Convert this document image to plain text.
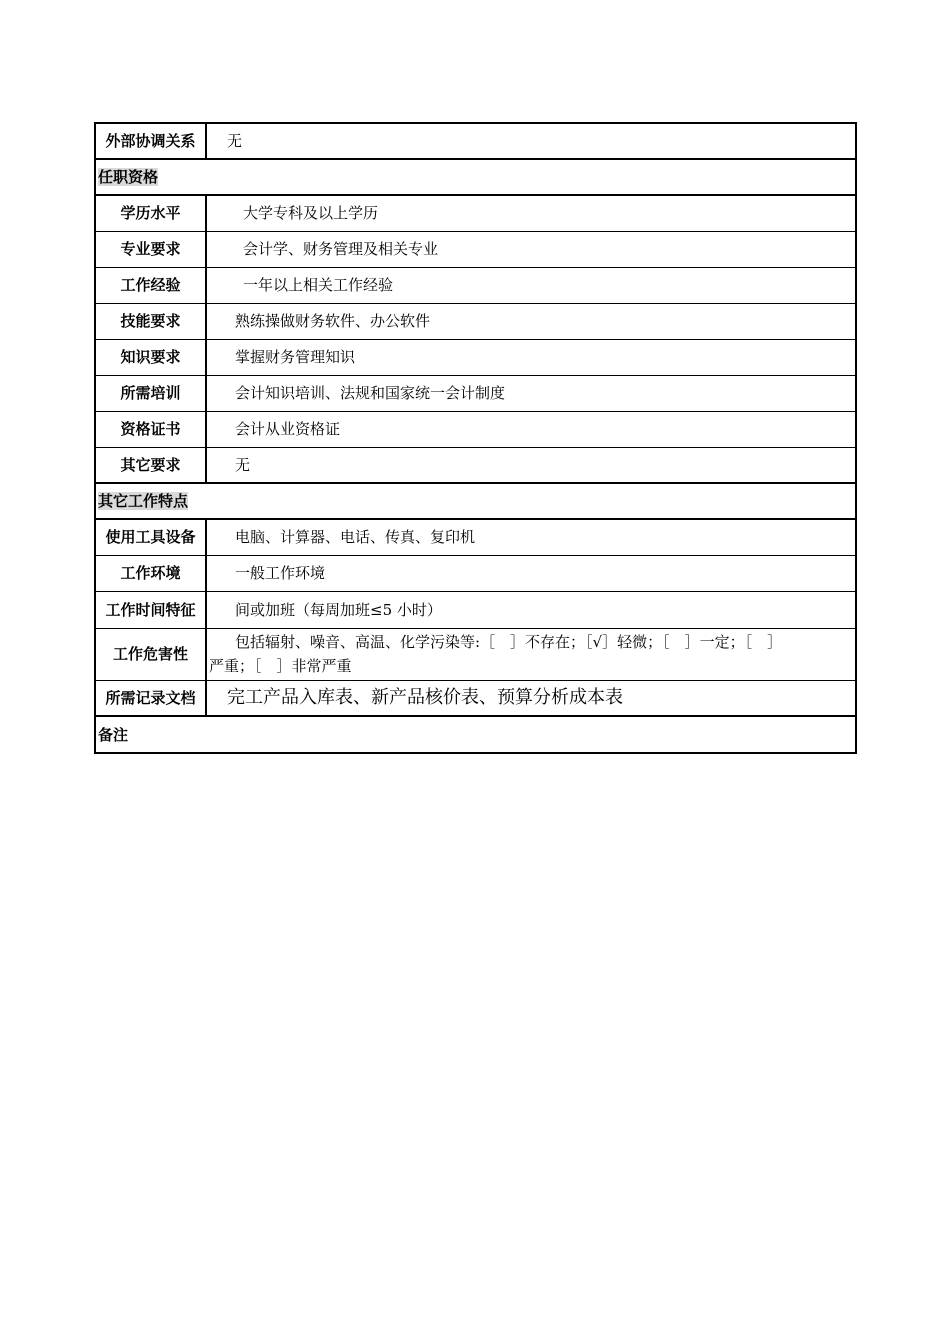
外部协调关系	无
任职资格	
学历水平	大学专科及以上学历
专业要求	会计学、财务管理及相关专业
工作经验	一年以上相关工作经验
技能要求	熟练操做财务软件、办公软件
知识要求	掌握财务管理知识
所需培训	会计知识培训、法规和国家统一会计制度
资格证书	会计从业资格证
其它要求	无
其它工作特点	
使用工具设备	电脑、计算器、电话、传真、复印机
工作环境	一般工作环境
工作时间特征	间或加班（每周加班≤5 小时）
工作危害性	包括辐射、噪音、高温、化学污染等:［　］不存在；［√］轻微；［　］一定；［　］
严重；［　］非常严重

所需记录文档	完工产品入库表、新产品核价表、预算分析成本表
备注	
